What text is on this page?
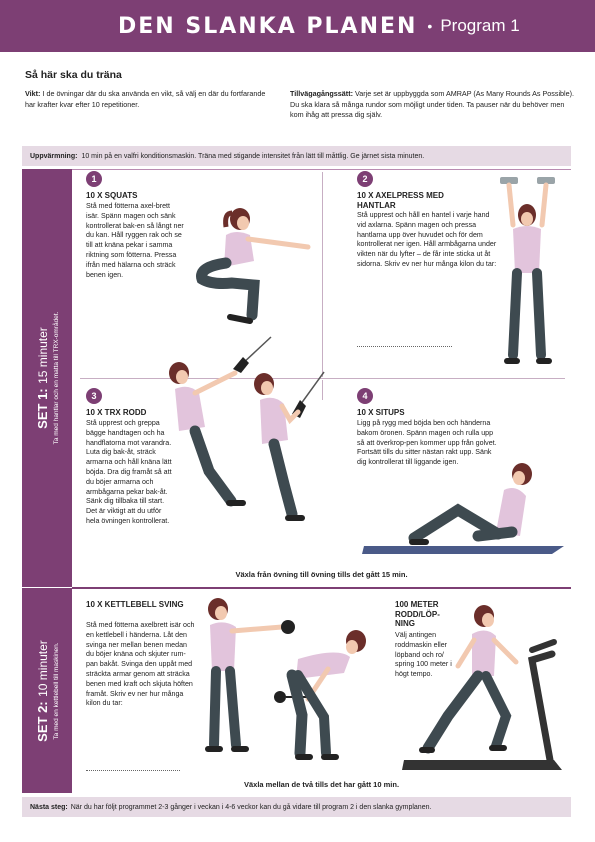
DEN SLANKA PLANEN • Program 1
Så här ska du träna
Vikt: I de övningar där du ska använda en vikt, så välj en där du fortfarande har krafter kvar efter 10 repetitioner.
Tillvägagångssätt: Varje set är uppbyggda som AMRAP (As Many Rounds As Possible). Du ska klara så många rundor som möjligt under tiden. Ta pauser när du behöver men kom ihåg att pressa dig själv.
Uppvärmning: 10 min på en valfri konditionsmaskin. Träna med stigande intensitet från lätt till måttlig. Ge järnet sista minuten.
SET 1: 15 minuter Ta med hantlar och en matta till TRX-området.
1
10 X SQUATS
Stå med fötterna axel-brett isär. Spänn magen och sänk kontrollerat bak-en så långt ner du kan. Håll ryggen rak och se till att knäna pekar i samma riktning som fötterna. Pressa ifrån med hälarna och sträck benen igen.
2
10 X AXELPRESS MED HANTLAR
Stå upprest och håll en hantel i varje hand vid axlarna. Spänn magen och pressa hantlarna upp över huvudet och för dem kontrollerat ner igen. Håll armbågarna under vikten när du lyfter – de får inte sticka ut åt sidorna. Skriv ev ner hur många kilon du tar:
3
10 X TRX RODD
Stå upprest och greppa bägge handtagen och ha handflatorna mot varandra. Luta dig bak-åt, sträck armarna och håll knäna lätt böjda. Dra dig framåt så att du böjer armarna och armbågarna pekar bak-åt. Sänk dig tillbaka till start. Det är viktigt att du utför hela övningen kontrollerat.
4
10 X SITUPS
Ligg på rygg med böjda ben och händerna bakom öronen. Spänn magen och rulla upp så att överkrop-pen kommer upp från golvet. Fortsätt tills du sitter nästan rakt upp. Sänk dig kontrollerat till liggande igen.
Växla från övning till övning tills det gått 15 min.
SET 2: 10 minuter Ta med en kettlebell till maskinen.
10 X KETTLEBELL SVING
Stå med fötterna axelbrett isär och en kettlebell i händerna. Låt den svinga ner mellan benen medan du böjer knäna och skjuter rum-pan bakåt. Svinga den uppåt med sträckta armar genom att sträcka benen med kraft och skjuta höften framåt. Skriv ev ner hur många kilon du tar:
100 METER RODD/LÖP-NING
Välj antingen roddmaskin eller löpband och ro/ spring 100 meter i högt tempo.
Växla mellan de två tills det har gått 10 min.
Nästa steg: När du har följt programmet 2-3 gånger i veckan i 4-6 veckor kan du gå vidare till program 2 i den slanka gymplanen.
